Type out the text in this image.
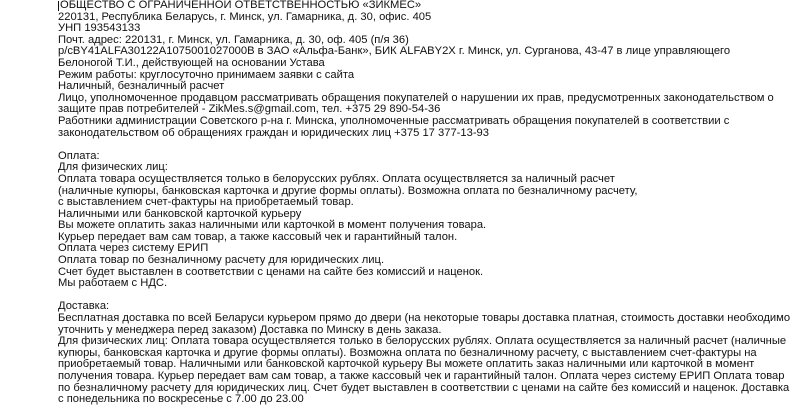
ОБЩЕСТВО С ОГРАНИЧЕННОЙ ОТВЕТСТВЕННОСТЬЮ «ЗИКМЕС»
220131, Республика Беларусь, г. Минск, ул. Гамарника, д. 30, офис. 405
УНП 193543133
Почт. адрес: 220131, г. Минск, ул. Гамарника, д. 30, оф. 405 (п/я 36)
р/сBY41ALFA30122A1075001027000B в ЗАО «Альфа-Банк», БИК ALFABY2X г. Минск, ул. Сурганова, 43-47 в лице управляющего
Белоногой Т.И., действующей на основании Устава
Режим работы: круглосуточно принимаем заявки с сайта
Наличный, безналичный расчет
Лицо, уполномоченное продавцом рассматривать обращения покупателей о нарушении их прав, предусмотренных законодательством о
защите прав потребителей - ZikMes.s@gmail.com, тел. +375 29 890-54-36
Работники администрации Советского р-на г. Минска, уполномоченные рассматривать обращения покупателей в соответствии с
законодательством об обращениях граждан и юридических лиц +375 17 377-13-93
Оплата:
Для физических лиц:
Оплата товара осуществляется только в белорусских рублях. Оплата осуществляется за наличный расчет
(наличные купюры, банковская карточка и другие формы оплаты). Возможна оплата по безналичному расчету,
с выставлением счет-фактуры на приобретаемый товар.
Наличными или банковской карточкой курьеру
Вы можете оплатить заказ наличными или карточкой в момент получения товара.
Курьер передает вам сам товар, а также кассовый чек и гарантийный талон.
Оплата через систему ЕРИП
Оплата товар по безналичному расчету для юридических лиц.
Счет будет выставлен в соответствии с ценами на сайте без комиссий и наценок.
Мы работаем с НДС.
Доставка:
Бесплатная доставка по всей Беларуси курьером прямо до двери (на некоторые товары доставка платная, стоимость доставки необходимо
уточнить у менеджера перед заказом) Доставка по Минску в день заказа.
Для физических лиц: Оплата товара осуществляется только в белорусских рублях. Оплата осуществляется за наличный расчет (наличные
купюры, банковская карточка и другие формы оплаты). Возможна оплата по безналичному расчету, с выставлением счет-фактуры на
приобретаемый товар. Наличными или банковской карточкой курьеру Вы можете оплатить заказ наличными или карточкой в момент
получения товара. Курьер передает вам сам товар, а также кассовый чек и гарантийный талон. Оплата через систему ЕРИП Оплата товар
по безналичному расчету для юридических лиц. Счет будет выставлен в соответствии с ценами на сайте без комиссий и наценок. Доставка
с понедельника по воскресенье с 7.00 до 23.00
